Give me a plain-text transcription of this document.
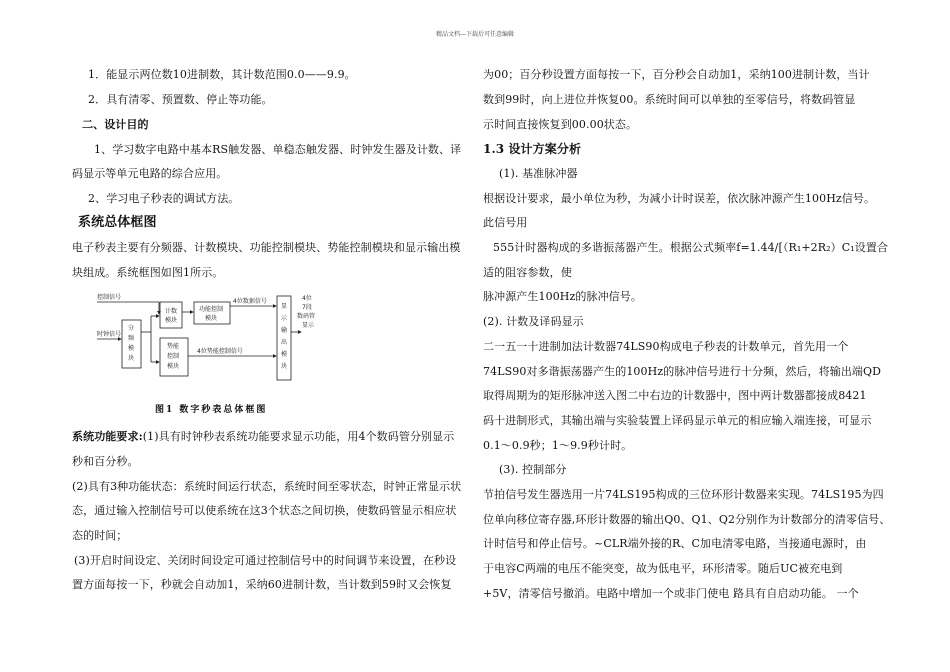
精品文档---下载后可任意编辑
1．能显示两位数10进制数，其计数范围0.0——9.9。
2．具有清零、预置数、停止等功能。
二、设计目的
1、学习数字电路中基本RS触发器、单稳态触发器、时钟发生器及计数、译
码显示等单元电路的综合应用。
2、学习电子秒表的调试方法。
系统总体框图
电子秒表主要有分频器、计数模块、功能控制模块、势能控制模块和显示输出模
块组成。系统框图如图1所示。
系统功能要求:(1)具有时钟秒表系统功能要求显示功能，用4个数码管分别显示
秒和百分秒。
(2)具有3种功能状态：系统时间运行状态，系统时间至零状态，时钟正常显示状
态，通过输入控制信号可以使系统在这3个状态之间切换，使数码管显示相应状
态的时间；
(3)开启时间设定、关闭时间设定可通过控制信号中的时间调节来设置，在秒设
置方面每按一下，秒就会自动加1，采纳60进制计数，当计数到59时又会恢复
控制信号
时钟信号
分
频
模
块
计数
模块
功能控制
模块
4位数据信号
势能
控制
模块
4位势能控制信号
显
示
输
出
模
块
4位
7段
数码管
显示
图1 数字秒表总体框图
为00；百分秒设置方面每按一下，百分秒会自动加1，采纳100进制计数，当计
数到99时，向上进位并恢复00。系统时间可以单独的至零信号，将数码管显
示时间直接恢复到00.00状态。
1.3 设计方案分析
(1). 基准脉冲器
根据设计要求，最小单位为秒，为减小计时误差，依次脉冲源产生100Hz信号。
此信号用
555计时器构成的多谐振荡器产生。根据公式频率f=1.44/[（R₁+2R₂）C₁设置合
适的阻容参数，使
脉冲源产生100Hz的脉冲信号。
(2). 计数及译码显示
二一五一十进制加法计数器74LS90构成电子秒表的计数单元，首先用一个
74LS90对多谐振荡器产生的100Hz的脉冲信号进行十分频，然后，将输出端QD
取得周期为的矩形脉冲送入图二中右边的计数器中，图中两计数器都接成8421
码十进制形式，其输出端与实验装置上译码显示单元的相应输入端连接，可显示
0.1～0.9秒；1～9.9秒计时。
(3). 控制部分
节拍信号发生器选用一片74LS195构成的三位环形计数器来实现。74LS195为四
位单向移位寄存器,环形计数器的输出Q0、Q1、Q2分别作为计数部分的清零信号、
计时信号和停止信号。~CLR端外接的R、C加电清零电路，当接通电源时，由
于电容C两端的电压不能突变，故为低电平，环形清零。随后UC被充电到
+5V，清零信号撤消。电路中增加一个或非门使电 路具有自启动功能。 一个
